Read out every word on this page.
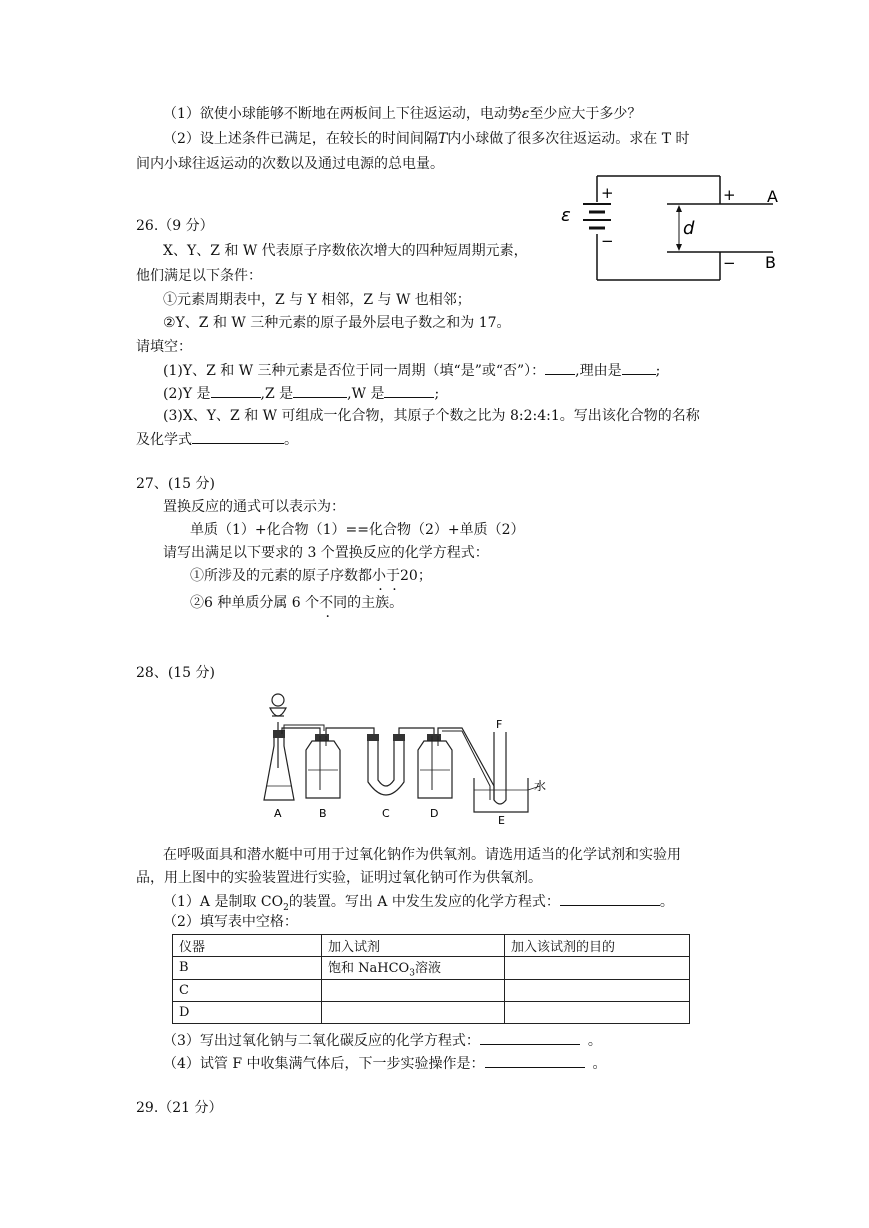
（1）欲使小球能够不断地在两板间上下往返运动，电动势ε至少应大于多少？
（2）设上述条件已满足，在较长的时间间隔T内小球做了很多次往返运动。求在 T 时
间内小球往返运动的次数以及通过电源的总电量。
ε
+
−
d
+
−
A
B
26.（9 分）
X、Y、Z 和 W 代表原子序数依次增大的四种短周期元素，
他们满足以下条件：
①元素周期表中，Z 与 Y 相邻，Z 与 W 也相邻；
②Y、Z 和 W 三种元素的原子最外层电子数之和为 17。
请填空：
(1)Y、Z 和 W 三种元素是否位于同一周期（填“是”或“否”）： ,理由是 ;
(2)Y 是	,Z 是	,W 是	;
(3)X、Y、Z 和 W 可组成一化合物，其原子个数之比为 8:2:4:1。写出该化合物的名称
及化学式	。
27、(15 分)
置换反应的通式可以表示为：
单质（1）+化合物（1）==化合物（2）+单质（2）
请写出满足以下要求的 3 个置换反应的化学方程式：
①所涉及的元素的原子序数都小于20；
②6 种单质分属 6 个不同的主族。
28、(15 分)
A	B	C	D
E
F
水
在呼吸面具和潜水艇中可用于过氧化钠作为供氧剂。请选用适当的化学试剂和实验用
品，用上图中的实验装置进行实验，证明过氧化钠可作为供氧剂。
（1）A 是制取 $CO_2$的装置。写出 A 中发生发应的化学方程式：	。
（2）填写表中空格：
仪器	加入试剂	加入该试剂的目的
B	饱和 NaHCO$_3$溶液	
C		
D		
（3）写出过氧化钠与二氧化碳反应的化学方程式：	。
（4）试管 F 中收集满气体后，下一步实验操作是：	。
29.（21 分）
